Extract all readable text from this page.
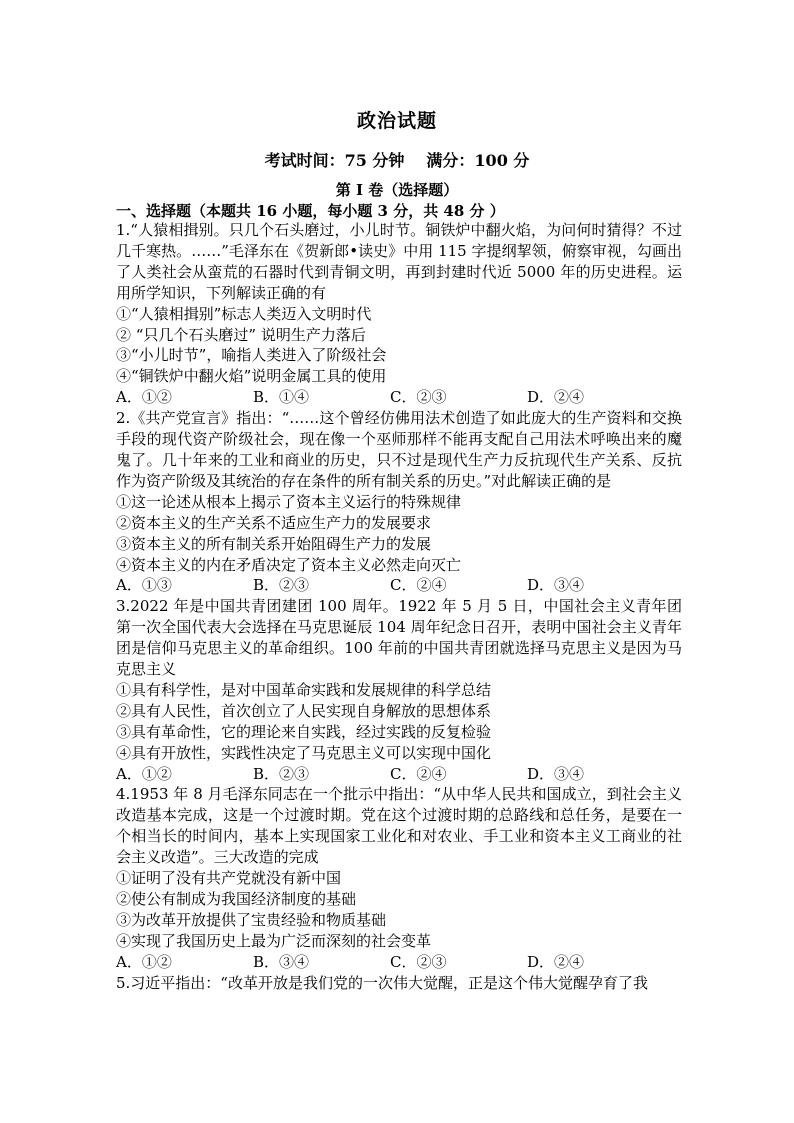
政治试题
考试时间：75 分钟 满分：100 分
第 I 卷（选择题）
一、选择题（本题共 16 小题，每小题 3 分，共 48 分 ）
1.“人猿相揖别。只几个石头磨过，小儿时节。铜铁炉中翻火焰，为问何时猜得？不过几千寒热。……”毛泽东在《贺新郎•读史》中用 115 字提纲挈领，俯察审视，勾画出了人类社会从蛮荒的石器时代到青铜文明，再到封建时代近 5000 年的历史进程。运用所学知识，下列解读正确的有
①“人猿相揖别”标志人类迈入文明时代
② “只几个石头磨过” 说明生产力落后
③“小儿时节”，喻指人类进入了阶级社会
④“铜铁炉中翻火焰”说明金属工具的使用
A．①②	B．①④	C．②③	D．②④
2.《共产党宣言》指出：“……这个曾经仿佛用法术创造了如此庞大的生产资料和交换手段的现代资产阶级社会，现在像一个巫师那样不能再支配自己用法术呼唤出来的魔鬼了。几十年来的工业和商业的历史，只不过是现代生产力反抗现代生产关系、反抗作为资产阶级及其统治的存在条件的所有制关系的历史。”对此解读正确的是
①这一论述从根本上揭示了资本主义运行的特殊规律
②资本主义的生产关系不适应生产力的发展要求
③资本主义的所有制关系开始阻碍生产力的发展
④资本主义的内在矛盾决定了资本主义必然走向灭亡
A．①③	B．②③	C．②④	D．③④
3.2022 年是中国共青团建团 100 周年。1922 年 5 月 5 日，中国社会主义青年团第一次全国代表大会选择在马克思诞辰 104 周年纪念日召开，表明中国社会主义青年团是信仰马克思主义的革命组织。100 年前的中国共青团就选择马克思主义是因为马克思主义
①具有科学性，是对中国革命实践和发展规律的科学总结
②具有人民性，首次创立了人民实现自身解放的思想体系
③具有革命性，它的理论来自实践，经过实践的反复检验
④具有开放性，实践性决定了马克思主义可以实现中国化
A．①②	B．②③	C．②④	D．③④
4.1953 年 8 月毛泽东同志在一个批示中指出：“从中华人民共和国成立，到社会主义改造基本完成，这是一个过渡时期。党在这个过渡时期的总路线和总任务，是要在一个相当长的时间内，基本上实现国家工业化和对农业、手工业和资本主义工商业的社会主义改造”。三大改造的完成
①证明了没有共产党就没有新中国
②使公有制成为我国经济制度的基础
③为改革开放提供了宝贵经验和物质基础
④实现了我国历史上最为广泛而深刻的社会变革
A．①②	B．③④	C．②③	D．②④
5.习近平指出：“改革开放是我们党的一次伟大觉醒，正是这个伟大觉醒孕育了我
